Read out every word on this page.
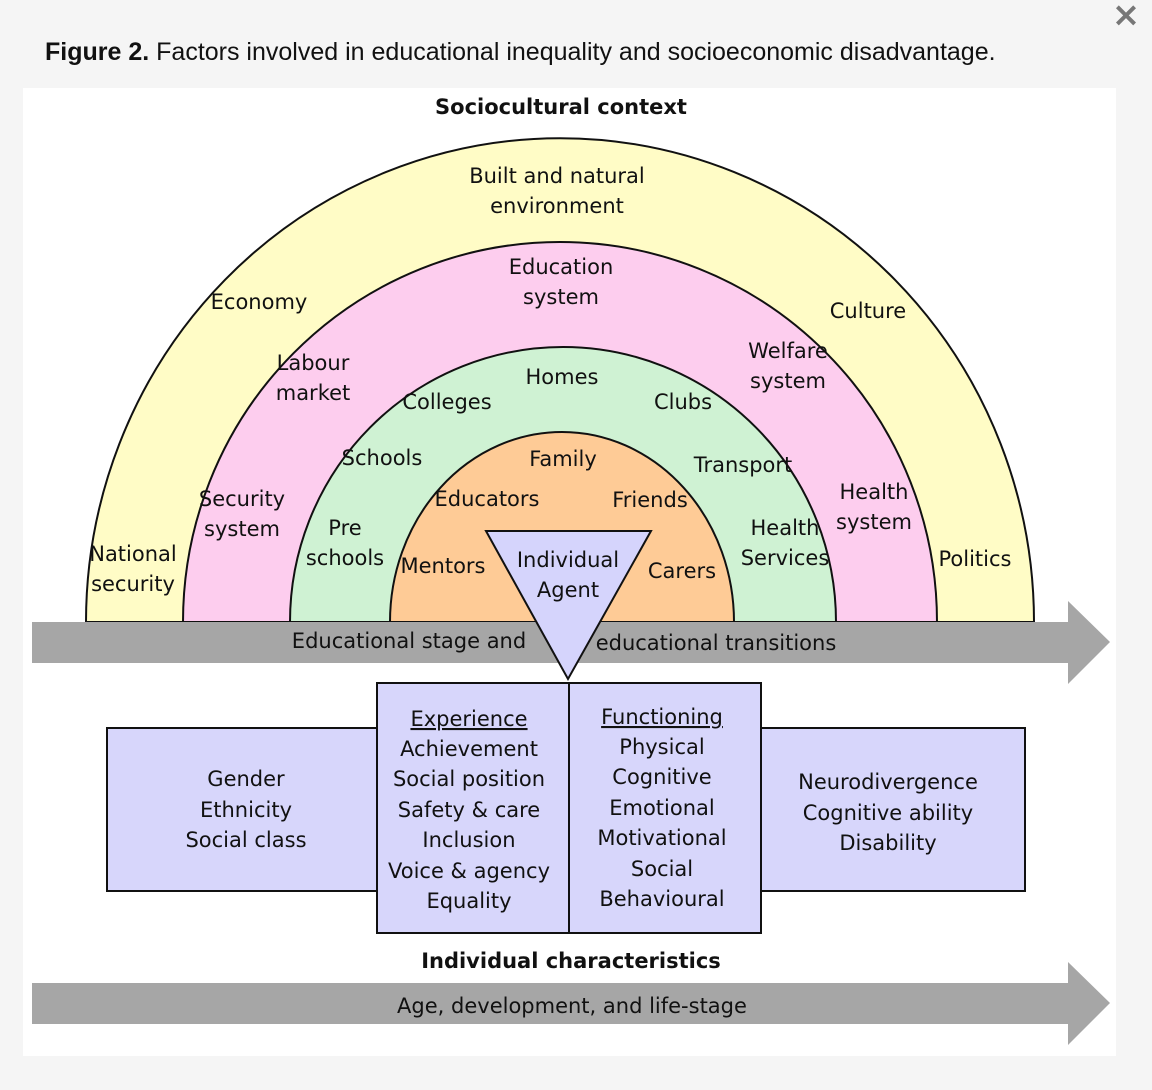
×
Figure 2. Factors involved in educational inequality and socioeconomic disadvantage.
Sociocultural context
Built and natural
environment
Economy	Culture
National
security
Politics
Education
system
Labour
market
Welfare
system
Security
system
Health
system
Homes
Colleges	Clubs
Schools	Transport
Pre
schools
Health
Services
Family
Educators	Friends
Mentors	Carers
Individual
Agent
Educational stage and	educational transitions
Gender
Ethnicity
Social class
Experience
Achievement
Social position
Safety & care
Inclusion
Voice & agency
Equality
Functioning
Physical
Cognitive
Emotional
Motivational
Social
Behavioural
Neurodivergence
Cognitive ability
Disability
Individual characteristics
Age, development, and life-stage
